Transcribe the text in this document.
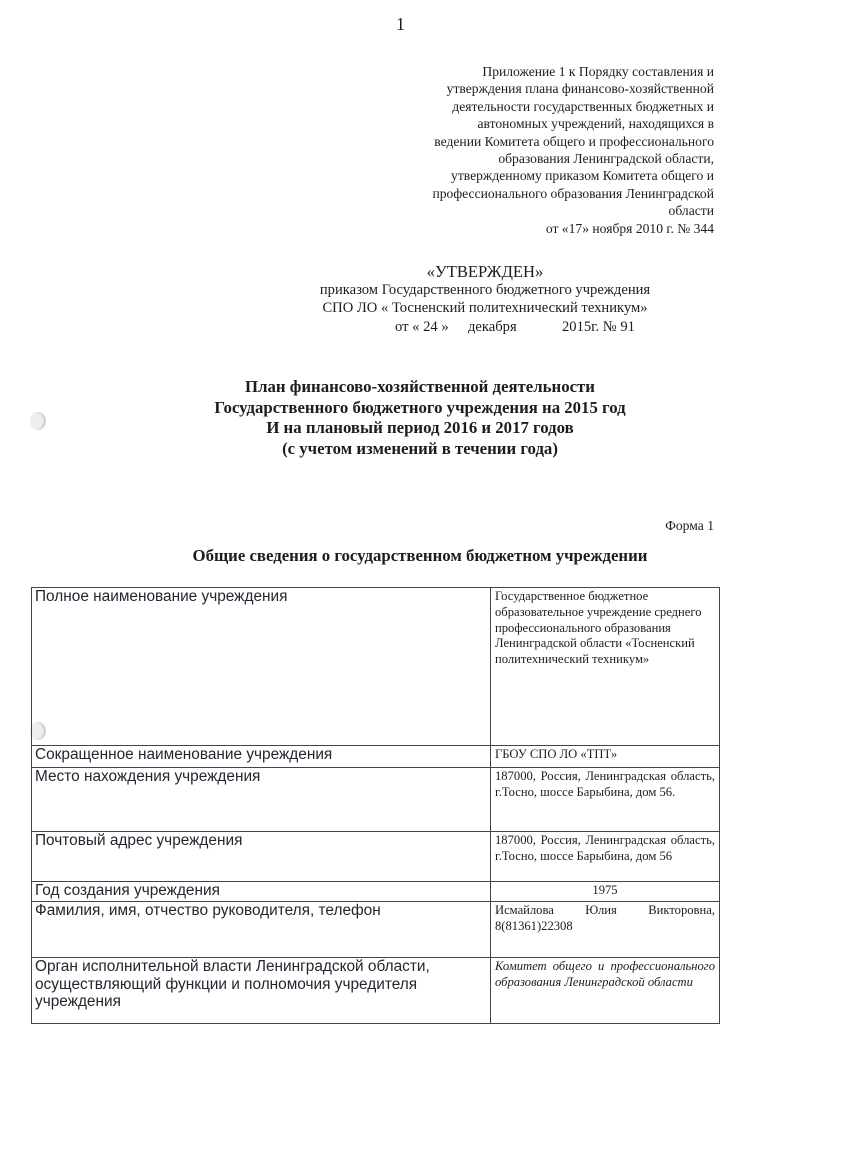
1
Приложение 1 к Порядку составления и
утверждения плана финансово-хозяйственной
деятельности государственных бюджетных и
автономных учреждений, находящихся в
ведении Комитета общего и профессионального
образования Ленинградской области,
утвержденному приказом Комитета общего и
профессионального образования Ленинградской
области
от «17» ноября 2010 г. № 344
«УТВЕРЖДЕН»
приказом Государственного бюджетного учреждения
СПО ЛО « Тосненский политехнический техникум»
от « 24 » декабря	2015г. № 91
План финансово-хозяйственной деятельности
Государственного бюджетного учреждения на 2015 год
И на плановый период 2016 и 2017 годов
(с учетом изменений в течении года)
Форма 1
Общие сведения о государственном бюджетном учреждении
Полное наименование учреждения	Государственное бюджетное образовательное учреждение среднего профессионального образования Ленинградской области «Тосненский политехнический техникум»
Сокращенное наименование учреждения	ГБОУ СПО ЛО «ТПТ»
Место нахождения учреждения	187000, Россия, Ленинградская область, г.Тосно, шоссе Барыбина, дом 56.
Почтовый адрес учреждения	187000, Россия, Ленинградская область, г.Тосно, шоссе Барыбина, дом 56
Год создания учреждения	1975
Фамилия, имя, отчество руководителя, телефон	Исмайлова Юлия Викторовна, 8(81361)22308
Орган исполнительной власти Ленинградской области, осуществляющий функции и полномочия учредителя учреждения	Комитет общего и профессионального образования Ленинградской области
